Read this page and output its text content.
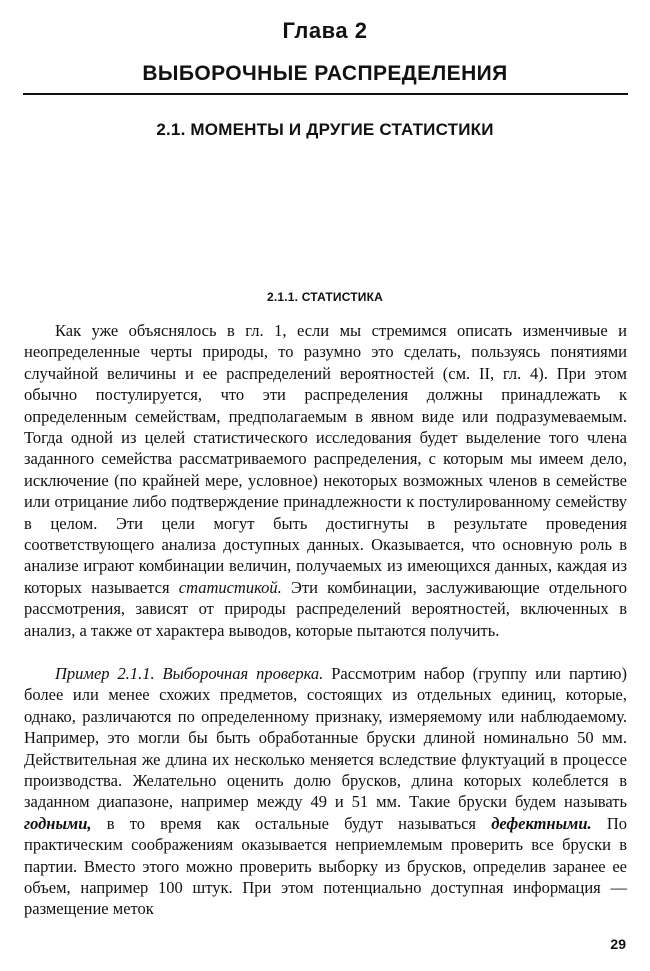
Глава 2
ВЫБОРОЧНЫЕ РАСПРЕДЕЛЕНИЯ
2.1. МОМЕНТЫ И ДРУГИЕ СТАТИСТИКИ
2.1.1. СТАТИСТИКА

Как уже объяснялось в гл. 1, если мы стремимся описать изменчивые и неопределенные черты природы, то разумно это сделать, пользуясь понятиями случайной величины и ее распределений вероятностей (см. II, гл. 4). При этом обычно постулируется, что эти распределения должны принадлежать к определенным семействам, предполагаемым в явном виде или подразумеваемым. Тогда одной из целей статистического исследования будет выделение того члена заданного семейства рассматриваемого распределения, с которым мы имеем дело, исключение (по крайней мере, условное) некоторых возможных членов в семействе или отрицание либо подтверждение принадлежности к постулированному семейству в целом. Эти цели могут быть достигнуты в результате проведения соответствующего анализа доступных данных. Оказывается, что основную роль в анализе играют комбинации величин, получаемых из имеющихся данных, каждая из которых называется статистикой. Эти комбинации, заслуживающие отдельного рассмотрения, зависят от природы распределений вероятностей, включенных в анализ, а также от характера выводов, которые пытаются получить.

Пример 2.1.1. Выборочная проверка. Рассмотрим набор (группу или партию) более или менее схожих предметов, состоящих из отдельных единиц, которые, однако, различаются по определенному признаку, измеряемому или наблюдаемому. Например, это могли бы быть обработанные бруски длиной номинально 50 мм. Действительная же длина их несколько меняется вследствие флуктуаций в процессе производства. Желательно оценить долю брусков, длина которых колеблется в заданном диапазоне, например между 49 и 51 мм. Такие бруски будем называть годными, в то время как остальные будут называться дефектными. По практическим соображениям оказывается неприемлемым проверить все бруски в партии. Вместо этого можно проверить выборку из брусков, определив заранее ее объем, например 100 штук. При этом потенциально доступная информация — размещение меток

29
